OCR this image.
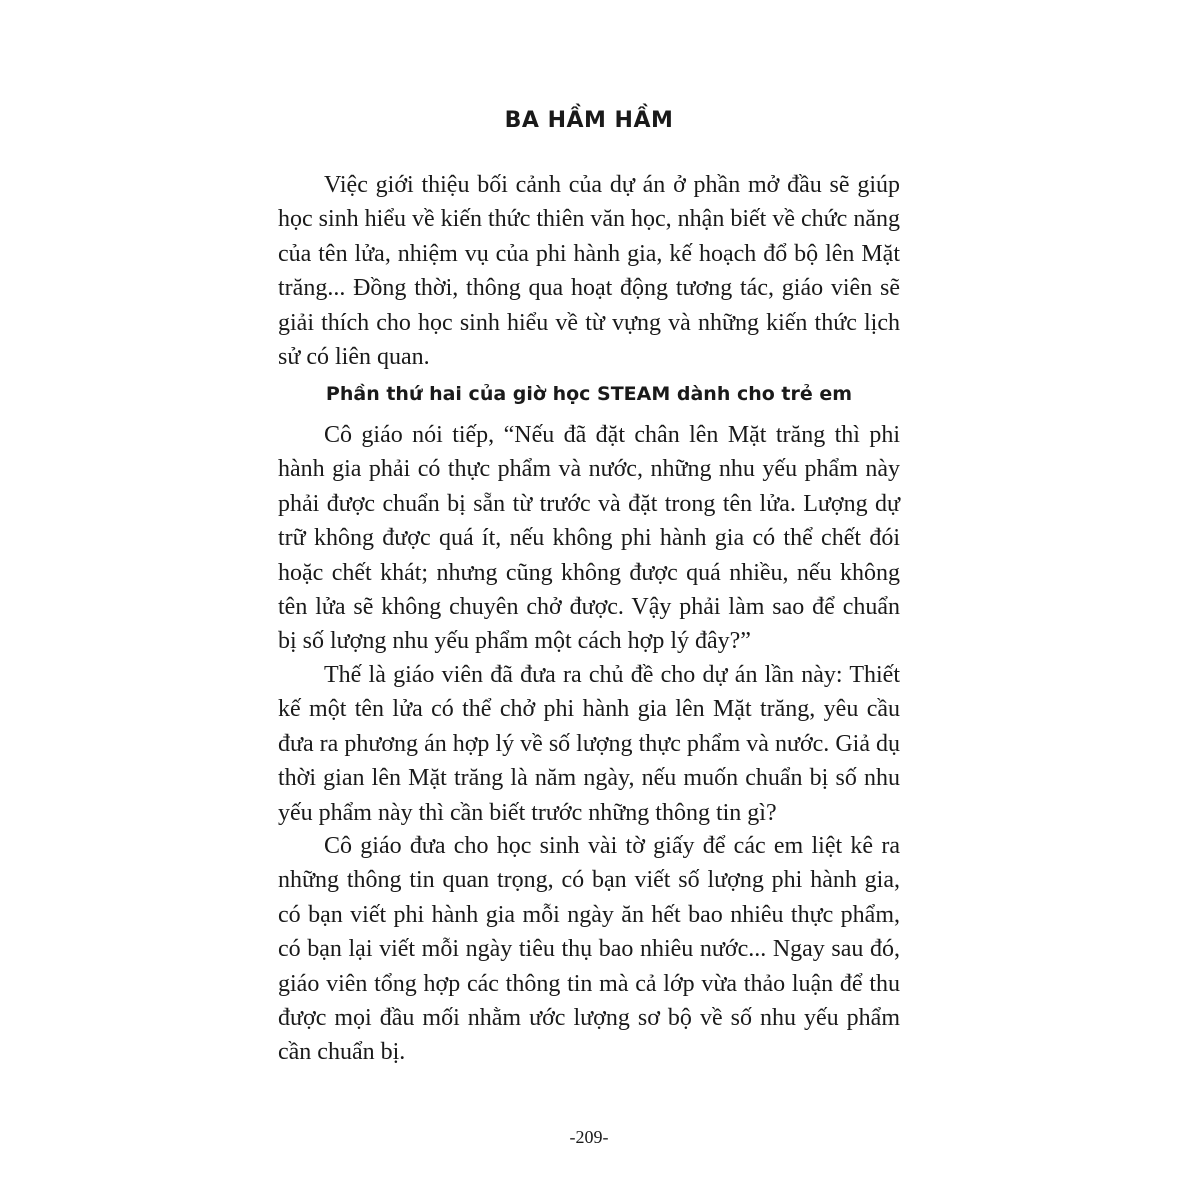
BA HẦM HẦM

Việc giới thiệu bối cảnh của dự án ở phần mở đầu sẽ giúp học sinh hiểu về kiến thức thiên văn học, nhận biết về chức năng của tên lửa, nhiệm vụ của phi hành gia, kế hoạch đổ bộ lên Mặt trăng... Đồng thời, thông qua hoạt động tương tác, giáo viên sẽ giải thích cho học sinh hiểu về từ vựng và những kiến thức lịch sử có liên quan.

Phần thứ hai của giờ học STEAM dành cho trẻ em

Cô giáo nói tiếp, “Nếu đã đặt chân lên Mặt trăng thì phi hành gia phải có thực phẩm và nước, những nhu yếu phẩm này phải được chuẩn bị sẵn từ trước và đặt trong tên lửa. Lượng dự trữ không được quá ít, nếu không phi hành gia có thể chết đói hoặc chết khát; nhưng cũng không được quá nhiều, nếu không tên lửa sẽ không chuyên chở được. Vậy phải làm sao để chuẩn bị số lượng nhu yếu phẩm một cách hợp lý đây?”

Thế là giáo viên đã đưa ra chủ đề cho dự án lần này: Thiết kế một tên lửa có thể chở phi hành gia lên Mặt trăng, yêu cầu đưa ra phương án hợp lý về số lượng thực phẩm và nước. Giả dụ thời gian lên Mặt trăng là năm ngày, nếu muốn chuẩn bị số nhu yếu phẩm này thì cần biết trước những thông tin gì?

Cô giáo đưa cho học sinh vài tờ giấy để các em liệt kê ra những thông tin quan trọng, có bạn viết số lượng phi hành gia, có bạn viết phi hành gia mỗi ngày ăn hết bao nhiêu thực phẩm, có bạn lại viết mỗi ngày tiêu thụ bao nhiêu nước... Ngay sau đó, giáo viên tổng hợp các thông tin mà cả lớp vừa thảo luận để thu được mọi đầu mối nhằm ước lượng sơ bộ về số nhu yếu phẩm cần chuẩn bị.

-209-
